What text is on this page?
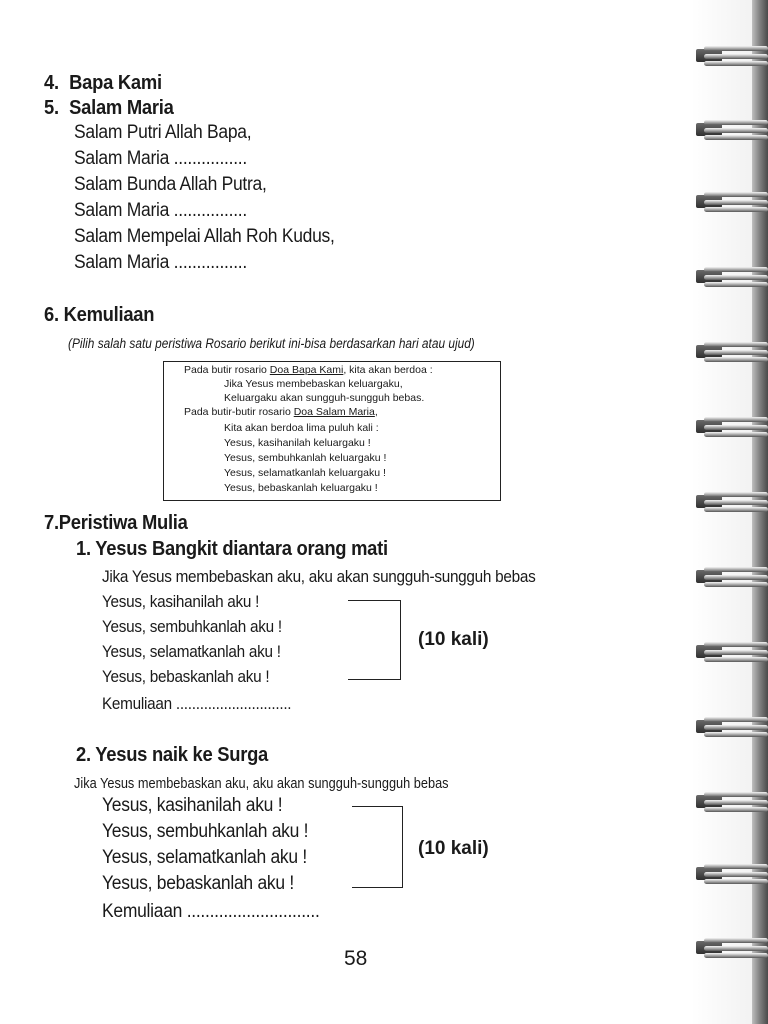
4. Bapa Kami
5. Salam Maria
Salam Putri Allah Bapa,
Salam Maria ................
Salam Bunda Allah Putra,
Salam Maria ................
Salam Mempelai Allah Roh Kudus,
Salam Maria ................
6. Kemuliaan
(Pilih salah satu peristiwa Rosario berikut ini-bisa berdasarkan hari atau ujud)
Pada butir rosario Doa Bapa Kami, kita akan berdoa :
Jika Yesus membebaskan keluargaku,
Keluargaku akan sungguh-sungguh bebas.
Pada butir-butir rosario Doa Salam Maria,
Kita akan berdoa lima puluh kali :
Yesus, kasihanilah keluargaku !
Yesus, sembuhkanlah keluargaku !
Yesus, selamatkanlah keluargaku !
Yesus, bebaskanlah keluargaku !
7.Peristiwa Mulia
1. Yesus Bangkit diantara orang mati
Jika Yesus membebaskan aku, aku akan sungguh-sungguh bebas
Yesus, kasihanilah aku !
Yesus, sembuhkanlah aku !
Yesus, selamatkanlah aku !
Yesus, bebaskanlah aku !
(10 kali)
Kemuliaan .............................
2. Yesus naik ke Surga
Jika Yesus membebaskan aku, aku akan sungguh-sungguh bebas
Yesus, kasihanilah aku !
Yesus, sembuhkanlah aku !
Yesus, selamatkanlah aku !
Yesus, bebaskanlah aku !
(10 kali)
Kemuliaan .............................
58
